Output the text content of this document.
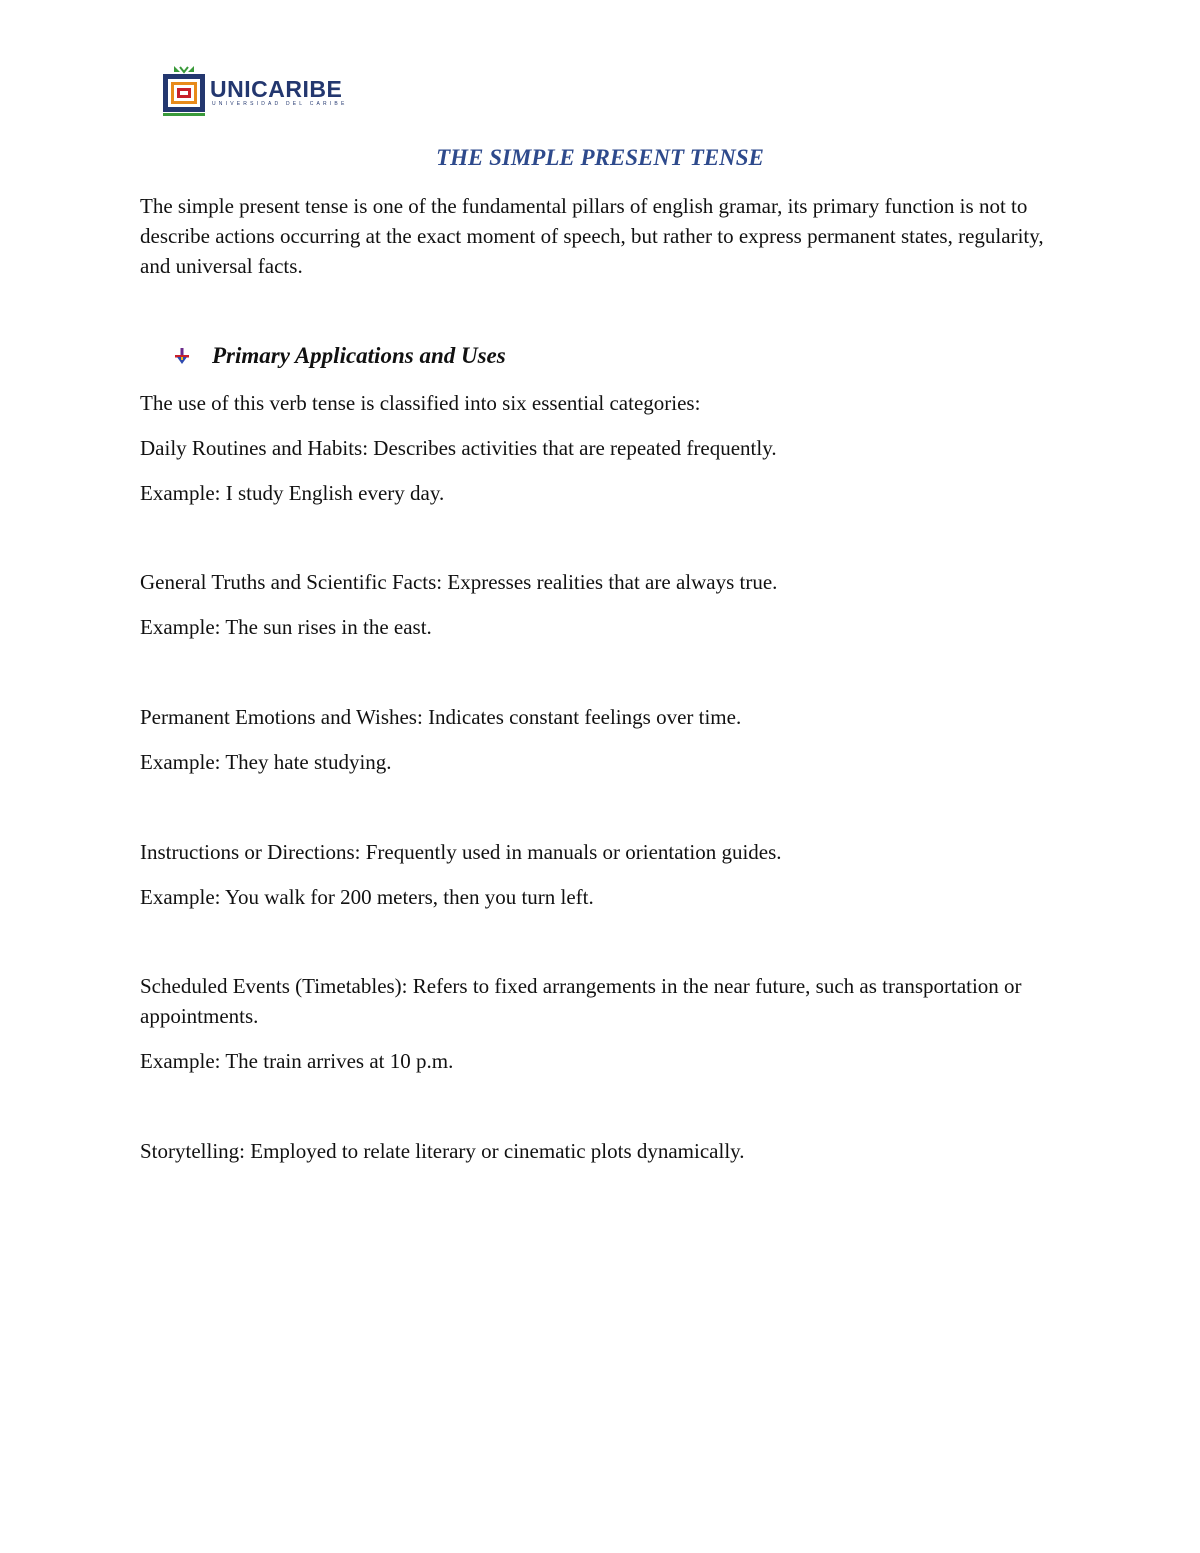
UNICARIBE
UNIVERSIDAD DEL CARIBE
THE SIMPLE PRESENT TENSE

The simple present tense is one of the fundamental pillars of english gramar, its primary function is not to describe actions occurring at the exact moment of speech, but rather to express permanent states, regularity, and universal facts.

Primary Applications and Uses

The use of this verb tense is classified into six essential categories:

Daily Routines and Habits: Describes activities that are repeated frequently.

Example: I study English every day.

General Truths and Scientific Facts: Expresses realities that are always true.

Example: The sun rises in the east.

Permanent Emotions and Wishes: Indicates constant feelings over time.

Example: They hate studying.

Instructions or Directions: Frequently used in manuals or orientation guides.

Example: You walk for 200 meters, then you turn left.

Scheduled Events (Timetables): Refers to fixed arrangements in the near future, such as transportation or appointments.

Example: The train arrives at 10 p.m.

Storytelling: Employed to relate literary or cinematic plots dynamically.
